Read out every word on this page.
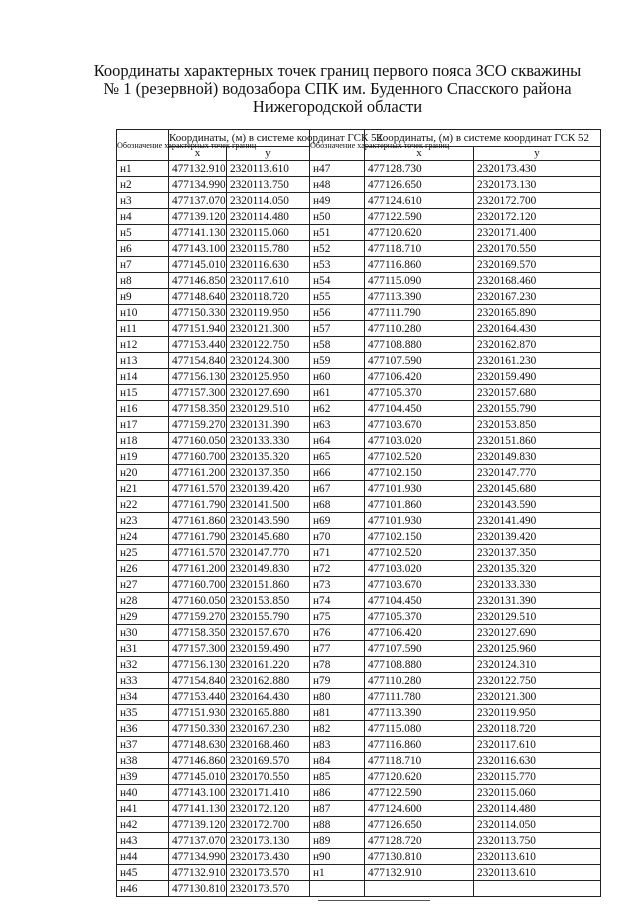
Координаты характерных точек границ первого пояса ЗСО скважины
№ 1 (резервной) водозабора СПК им. Буденного Спасского района
Нижегородской области
Обозначение характерных точек границ	Координаты, (м) в системе координат ГСК 52		Обозначение характерных точек границ	Координаты, (м) в системе координат ГСК 52	
	x	y		x	y
н1	477132.910	2320113.610	н47	477128.730	2320173.430
н2	477134.990	2320113.750	н48	477126.650	2320173.130
н3	477137.070	2320114.050	н49	477124.610	2320172.700
н4	477139.120	2320114.480	н50	477122.590	2320172.120
н5	477141.130	2320115.060	н51	477120.620	2320171.400
н6	477143.100	2320115.780	н52	477118.710	2320170.550
н7	477145.010	2320116.630	н53	477116.860	2320169.570
н8	477146.850	2320117.610	н54	477115.090	2320168.460
н9	477148.640	2320118.720	н55	477113.390	2320167.230
н10	477150.330	2320119.950	н56	477111.790	2320165.890
н11	477151.940	2320121.300	н57	477110.280	2320164.430
н12	477153.440	2320122.750	н58	477108.880	2320162.870
н13	477154.840	2320124.300	н59	477107.590	2320161.230
н14	477156.130	2320125.950	н60	477106.420	2320159.490
н15	477157.300	2320127.690	н61	477105.370	2320157.680
н16	477158.350	2320129.510	н62	477104.450	2320155.790
н17	477159.270	2320131.390	н63	477103.670	2320153.850
н18	477160.050	2320133.330	н64	477103.020	2320151.860
н19	477160.700	2320135.320	н65	477102.520	2320149.830
н20	477161.200	2320137.350	н66	477102.150	2320147.770
н21	477161.570	2320139.420	н67	477101.930	2320145.680
н22	477161.790	2320141.500	н68	477101.860	2320143.590
н23	477161.860	2320143.590	н69	477101.930	2320141.490
н24	477161.790	2320145.680	н70	477102.150	2320139.420
н25	477161.570	2320147.770	н71	477102.520	2320137.350
н26	477161.200	2320149.830	н72	477103.020	2320135.320
н27	477160.700	2320151.860	н73	477103.670	2320133.330
н28	477160.050	2320153.850	н74	477104.450	2320131.390
н29	477159.270	2320155.790	н75	477105.370	2320129.510
н30	477158.350	2320157.670	н76	477106.420	2320127.690
н31	477157.300	2320159.490	н77	477107.590	2320125.960
н32	477156.130	2320161.220	н78	477108.880	2320124.310
н33	477154.840	2320162.880	н79	477110.280	2320122.750
н34	477153.440	2320164.430	н80	477111.780	2320121.300
н35	477151.930	2320165.880	н81	477113.390	2320119.950
н36	477150.330	2320167.230	н82	477115.080	2320118.720
н37	477148.630	2320168.460	н83	477116.860	2320117.610
н38	477146.860	2320169.570	н84	477118.710	2320116.630
н39	477145.010	2320170.550	н85	477120.620	2320115.770
н40	477143.100	2320171.410	н86	477122.590	2320115.060
н41	477141.130	2320172.120	н87	477124.600	2320114.480
н42	477139.120	2320172.700	н88	477126.650	2320114.050
н43	477137.070	2320173.130	н89	477128.720	2320113.750
н44	477134.990	2320173.430	н90	477130.810	2320113.610
н45	477132.910	2320173.570	н1	477132.910	2320113.610
н46	477130.810	2320173.570			
